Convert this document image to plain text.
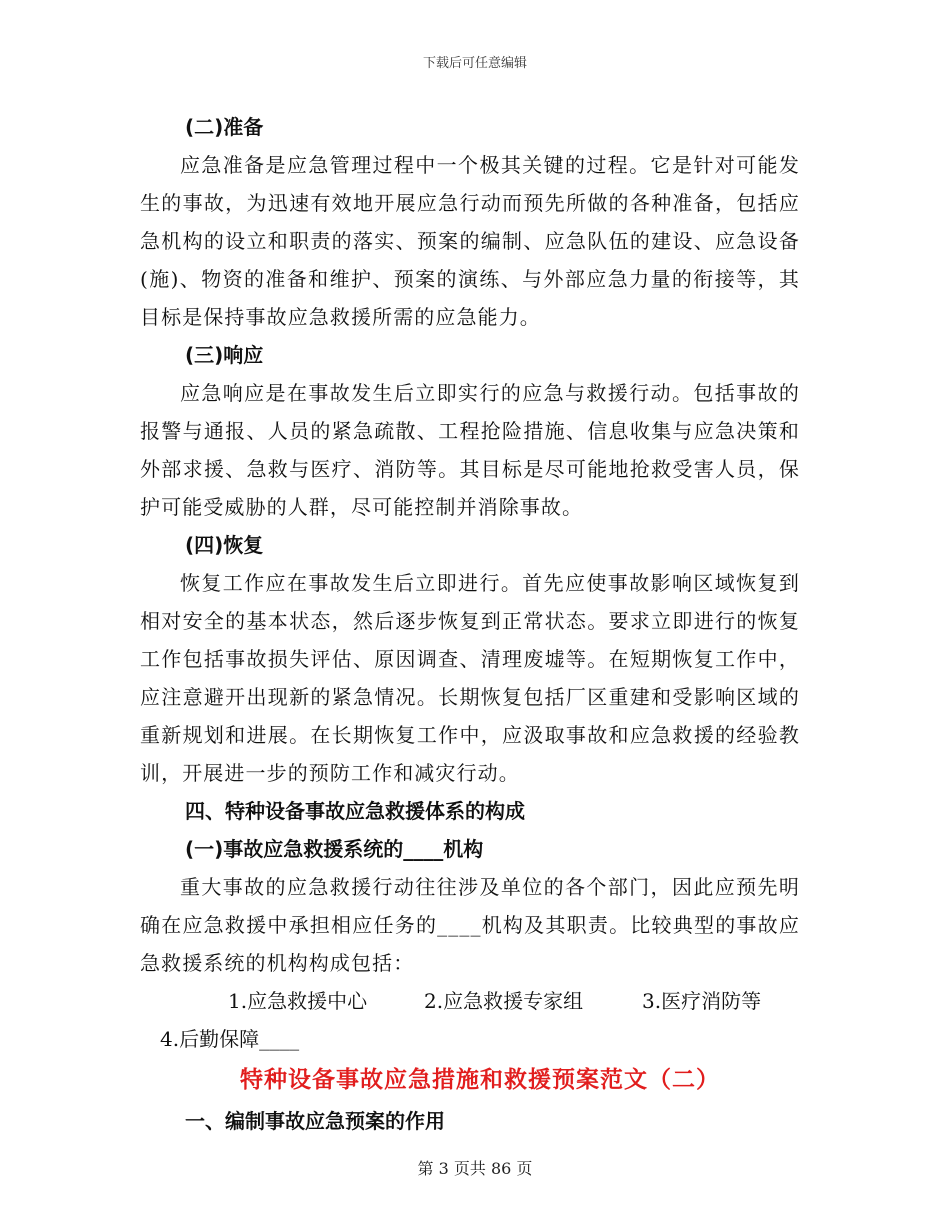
下载后可任意编辑
(二)准备

应急准备是应急管理过程中一个极其关键的过程。它是针对可能发生的事故，为迅速有效地开展应急行动而预先所做的各种准备，包括应急机构的设立和职责的落实、预案的编制、应急队伍的建设、应急设备(施)、物资的准备和维护、预案的演练、与外部应急力量的衔接等，其目标是保持事故应急救援所需的应急能力。

(三)响应

应急响应是在事故发生后立即实行的应急与救援行动。包括事故的报警与通报、人员的紧急疏散、工程抢险措施、信息收集与应急决策和外部求援、急救与医疗、消防等。其目标是尽可能地抢救受害人员，保护可能受威胁的人群，尽可能控制并消除事故。

(四)恢复

恢复工作应在事故发生后立即进行。首先应使事故影响区域恢复到相对安全的基本状态，然后逐步恢复到正常状态。要求立即进行的恢复工作包括事故损失评估、原因调查、清理废墟等。在短期恢复工作中，应注意避开出现新的紧急情况。长期恢复包括厂区重建和受影响区域的重新规划和进展。在长期恢复工作中，应汲取事故和应急救援的经验教训，开展进一步的预防工作和减灾行动。

四、特种设备事故应急救援体系的构成
(一)事故应急救援系统的____机构

重大事故的应急救援行动往往涉及单位的各个部门，因此应预先明确在应急救援中承担相应任务的____机构及其职责。比较典型的事故应急救援系统的机构构成包括：

1.应急救援中心	2.应急救援专家组	3.医疗消防等
4.后勤保障____
特种设备事故应急措施和救援预案范文（二）
一、编制事故应急预案的作用
第 3 页共 86 页
